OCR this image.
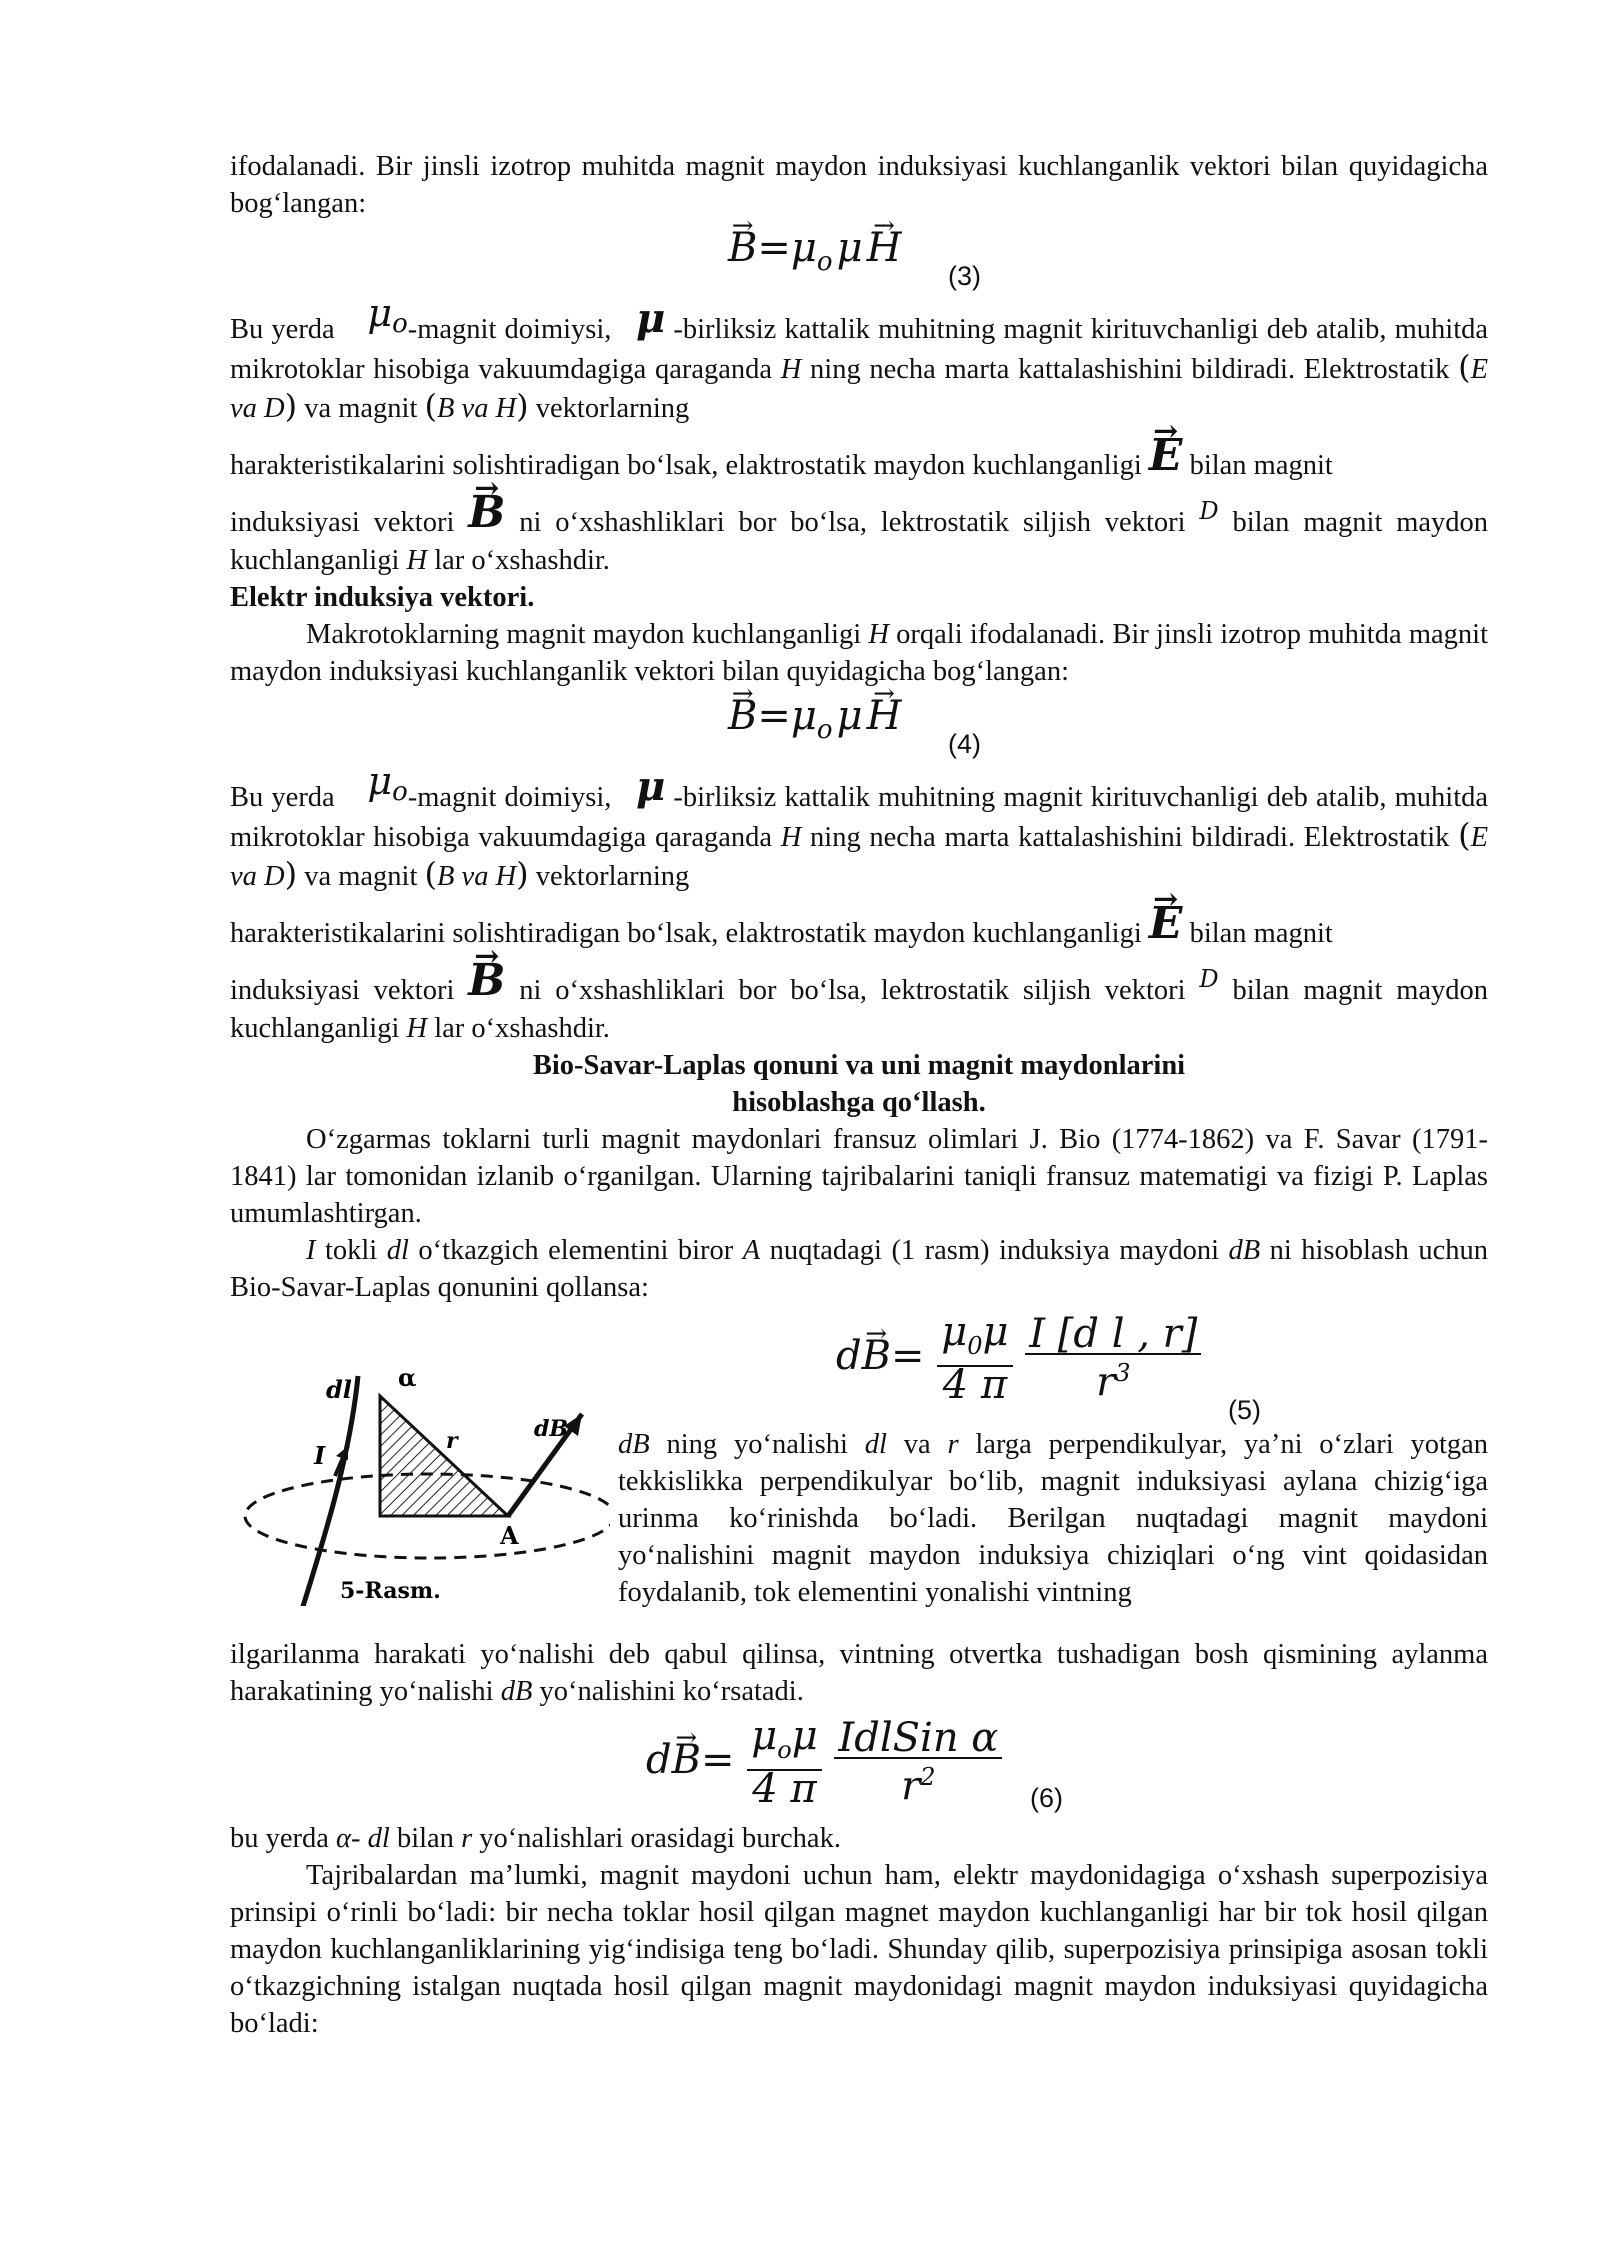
ifodalanadi. Bir jinsli izotrop muhitda magnit maydon induksiyasi kuchlanganlik vektori bilan quyidagicha bog‘langan:

→ $B=\mu_o$ μ → H
(3)

Bu yerda μo-magnit doimiysi, μ -birliksiz kattalik muhitning magnit kirituvchanligi deb atalib, muhitda mikrotoklar hisobiga vakuumdagiga qaraganda H ning necha marta kattalashishini bildiradi. Elektrostatik (E va D) va magnit (B va H) vektorlarning

harakteristikalarini solishtiradigan bo‘lsak, elaktrostatik maydon kuchlanganligi → E bilan magnit

induksiyasi vektori → B ni o‘xshashliklari bor bo‘lsa, lektrostatik siljish vektori $^D$ bilan magnit maydon kuchlanganligi H lar o‘xshashdir.

Elektr induksiya vektori.

Makrotoklarning magnit maydon kuchlanganligi H orqali ifodalanadi. Bir jinsli izotrop muhitda magnit maydon induksiyasi kuchlanganlik vektori bilan quyidagicha bog‘langan:

→ $B=\mu_o$ μ → H
(4)

Bu yerda μo-magnit doimiysi, μ -birliksiz kattalik muhitning magnit kirituvchanligi deb atalib, muhitda mikrotoklar hisobiga vakuumdagiga qaraganda H ning necha marta kattalashishini bildiradi. Elektrostatik (E va D) va magnit (B va H) vektorlarning

harakteristikalarini solishtiradigan bo‘lsak, elaktrostatik maydon kuchlanganligi → E bilan magnit

induksiyasi vektori → B ni o‘xshashliklari bor bo‘lsa, lektrostatik siljish vektori $^D$ bilan magnit maydon kuchlanganligi H lar o‘xshashdir.

Bio-Savar-Laplas qonuni va uni magnit maydonlarini

hisoblashga qo‘llash.

O‘zgarmas toklarni turli magnit maydonlari fransuz olimlari J. Bio (1774-1862) va F. Savar (1791-1841) lar tomonidan izlanib o‘rganilgan. Ularning tajribalarini taniqli fransuz matematigi va fizigi P. Laplas umumlashtirgan.

I tokli dl o‘tkazgich elementini biror A nuqtadagi (1 rasm) induksiya maydoni dB ni hisoblash uchun Bio-Savar-Laplas qonunini qollansa:

dl α
r	dB
I
A
5-Rasm.
$d\to B= \frac{\mu_0\mu}{4 \pi}$
$\frac{\text{I [d l , r]}}{r^3}$
(5)

dB ning yo‘nalishi dl va r larga perpendikulyar, ya’ni o‘zlari yotgan tekkislikka perpendikulyar bo‘lib, magnit induksiyasi aylana chizig‘iga urinma ko‘rinishda bo‘ladi. Berilgan nuqtadagi magnit maydoni yo‘nalishini magnit maydon induksiya chiziqlari o‘ng vint qoidasidan foydalanib, tok elementini yonalishi vintning

ilgarilanma harakati yo‘nalishi deb qabul qilinsa, vintning otvertka tushadigan bosh qismining aylanma harakatining yo‘nalishi dB yo‘nalishini ko‘rsatadi.

$d\to B= \frac{\mu_o\mu}{4 \pi}$
$\frac{\text{IdlSin α}}{r^2} (6)$

bu yerda α- dl bilan r yo‘nalishlari orasidagi burchak.

Tajribalardan ma’lumki, magnit maydoni uchun ham, elektr maydonidagiga o‘xshash superpozisiya prinsipi o‘rinli bo‘ladi: bir necha toklar hosil qilgan magnet maydon kuchlanganligi har bir tok hosil qilgan maydon kuchlanganliklarining yig‘indisiga teng bo‘ladi. Shunday qilib, superpozisiya prinsipiga asosan tokli o‘tkazgichning istalgan nuqtada hosil qilgan magnit maydonidagi magnit maydon induksiyasi quyidagicha bo‘ladi:
